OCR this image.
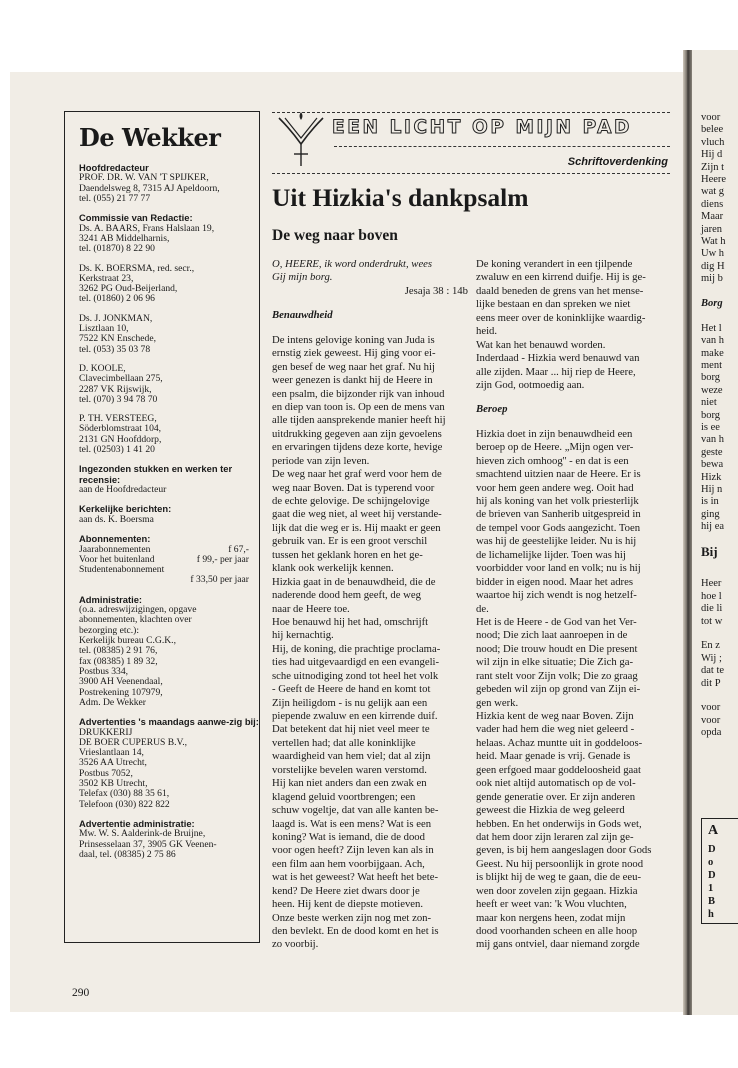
A
D
o
D
1
B
h
voor
belee
vluch
Hij d
Zijn t
Heere
wat g
diens
Maar
jaren
Wat h
Uw h
dig H
mij b
Borg
Het l
van h
make
ment
borg
weze
niet
borg
is ee
van h
geste
bewa
Hizk
Hij n
is in
ging
hij ea
Bij
Heer
hoe l
die li
tot w
En z
Wij ;
dat te
dit P
voor
voor
opda
De Wekker
Hoofdredacteur
PROF. DR. W. VAN 'T SPIJKER,
Daendelsweg 8, 7315 AJ Apeldoorn,
tel. (055) 21 77 77
Commissie van Redactie:
Ds. A. BAARS, Frans Halslaan 19,
3241 AB Middelharnis,
tel. (01870) 8 22 90
Ds. K. BOERSMA, red. secr.,
Kerkstraat 23,
3262 PG Oud-Beijerland,
tel. (01860) 2 06 96
Ds. J. JONKMAN,
Lisztlaan 10,
7522 KN Enschede,
tel. (053) 35 03 78
D. KOOLE,
Clavecimbellaan 275,
2287 VK Rijswijk,
tel. (070) 3 94 78 70
P. TH. VERSTEEG,
Söderblomstraat 104,
2131 GN Hoofddorp,
tel. (02503) 1 41 20
Ingezonden stukken en werken ter recensie:
aan de Hoofdredacteur
Kerkelijke berichten:
aan ds. K. Boersma
Abonnementen:
Jaarabonnementen	f 67,-
Voor het buitenland	f 99,- per jaar
Studentenabonnement
f 33,50 per jaar
Administratie:
(o.a. adreswijzigingen, opgave
abonnementen, klachten over
bezorging etc.):
Kerkelijk bureau C.G.K.,
tel. (08385) 2 91 76,
fax (08385) 1 89 32,
Postbus 334,
3900 AH Veenendaal,
Postrekening 107979,
Adm. De Wekker
Advertenties 's maandags aanwe-zig bij:
DRUKKERIJ
DE BOER CUPERUS B.V.,
Vrieslantlaan 14,
3526 AA Utrecht,
Postbus 7052,
3502 KB Utrecht,
Telefax (030) 88 35 61,
Telefoon (030) 822 822
Advertentie administratie:
Mw. W. S. Aalderink-de Bruijne,
Prinsesselaan 37, 3905 GK Veenen-
daal, tel. (08385) 2 75 86
EEN LICHT OP MIJN PAD
Schriftoverdenking
Uit Hizkia's dankpsalm
De weg naar boven
O, HEERE, ik word onderdrukt, wees
Gij mijn borg.
Jesaja 38 : 14b
Benauwdheid
De intens gelovige koning van Juda is
ernstig ziek geweest. Hij ging voor ei-
gen besef de weg naar het graf. Nu hij
weer genezen is dankt hij de Heere in
een psalm, die bijzonder rijk van inhoud
en diep van toon is. Op een de mens van
alle tijden aansprekende manier heeft hij
uitdrukking gegeven aan zijn gevoelens
en ervaringen tijdens deze korte, hevige
periode van zijn leven.
De weg naar het graf werd voor hem de
weg naar Boven. Dat is typerend voor
de echte gelovige. De schijngelovige
gaat die weg niet, al weet hij verstande-
lijk dat die weg er is. Hij maakt er geen
gebruik van. Er is een groot verschil
tussen het geklank horen en het ge-
klank ook werkelijk kennen.
Hizkia gaat in de benauwdheid, die de
naderende dood hem geeft, de weg
naar de Heere toe.
Hoe benauwd hij het had, omschrijft
hij kernachtig.
Hij, de koning, die prachtige proclama-
ties had uitgevaardigd en een evangeli-
sche uitnodiging zond tot heel het volk
- Geeft de Heere de hand en komt tot
Zijn heiligdom - is nu gelijk aan een
piepende zwaluw en een kirrende duif.
Dat betekent dat hij niet veel meer te
vertellen had; dat alle koninklijke
waardigheid van hem viel; dat al zijn
vorstelijke bevelen waren verstomd.
Hij kan niet anders dan een zwak en
klagend geluid voortbrengen; een
schuw vogeltje, dat van alle kanten be-
laagd is. Wat is een mens? Wat is een
koning? Wat is iemand, die de dood
voor ogen heeft? Zijn leven kan als in
een film aan hem voorbijgaan. Ach,
wat is het geweest? Wat heeft het bete-
kend? De Heere ziet dwars door je
heen. Hij kent de diepste motieven.
Onze beste werken zijn nog met zon-
den bevlekt. En de dood komt en het is
zo voorbij.
De koning verandert in een tjilpende
zwaluw en een kirrend duifje. Hij is ge-
daald beneden de grens van het mense-
lijke bestaan en dan spreken we niet
eens meer over de koninklijke waardig-
heid.
Wat kan het benauwd worden.
Inderdaad - Hizkia werd benauwd van
alle zijden. Maar ... hij riep de Heere,
zijn God, ootmoedig aan.
Beroep
Hizkia doet in zijn benauwdheid een
beroep op de Heere. „Mijn ogen ver-
hieven zich omhoog'' - en dat is een
smachtend uitzien naar de Heere. Er is
voor hem geen andere weg. Ooit had
hij als koning van het volk priesterlijk
de brieven van Sanherib uitgespreid in
de tempel voor Gods aangezicht. Toen
was hij de geestelijke leider. Nu is hij
de lichamelijke lijder. Toen was hij
voorbidder voor land en volk; nu is hij
bidder in eigen nood. Maar het adres
waartoe hij zich wendt is nog hetzelf-
de.
Het is de Heere - de God van het Ver-
nood; Die zich laat aanroepen in de
nood; Die trouw houdt en Die present
wil zijn in elke situatie; Die Zich ga-
rant stelt voor Zijn volk; Die zo graag
gebeden wil zijn op grond van Zijn ei-
gen werk.
Hizkia kent de weg naar Boven. Zijn
vader had hem die weg niet geleerd -
helaas. Achaz muntte uit in goddeloos-
heid. Maar genade is vrij. Genade is
geen erfgoed maar goddeloosheid gaat
ook niet altijd automatisch op de vol-
gende generatie over. Er zijn anderen
geweest die Hizkia de weg geleerd
hebben. En het onderwijs in Gods wet,
dat hem door zijn leraren zal zijn ge-
geven, is bij hem aangeslagen door Gods
Geest. Nu hij persoonlijk in grote nood
is blijkt hij de weg te gaan, die de eeu-
wen door zovelen zijn gegaan. Hizkia
heeft er weet van: 'k Wou vluchten,
maar kon nergens heen, zodat mijn
dood voorhanden scheen en alle hoop
mij gans ontviel, daar niemand zorgde
290
